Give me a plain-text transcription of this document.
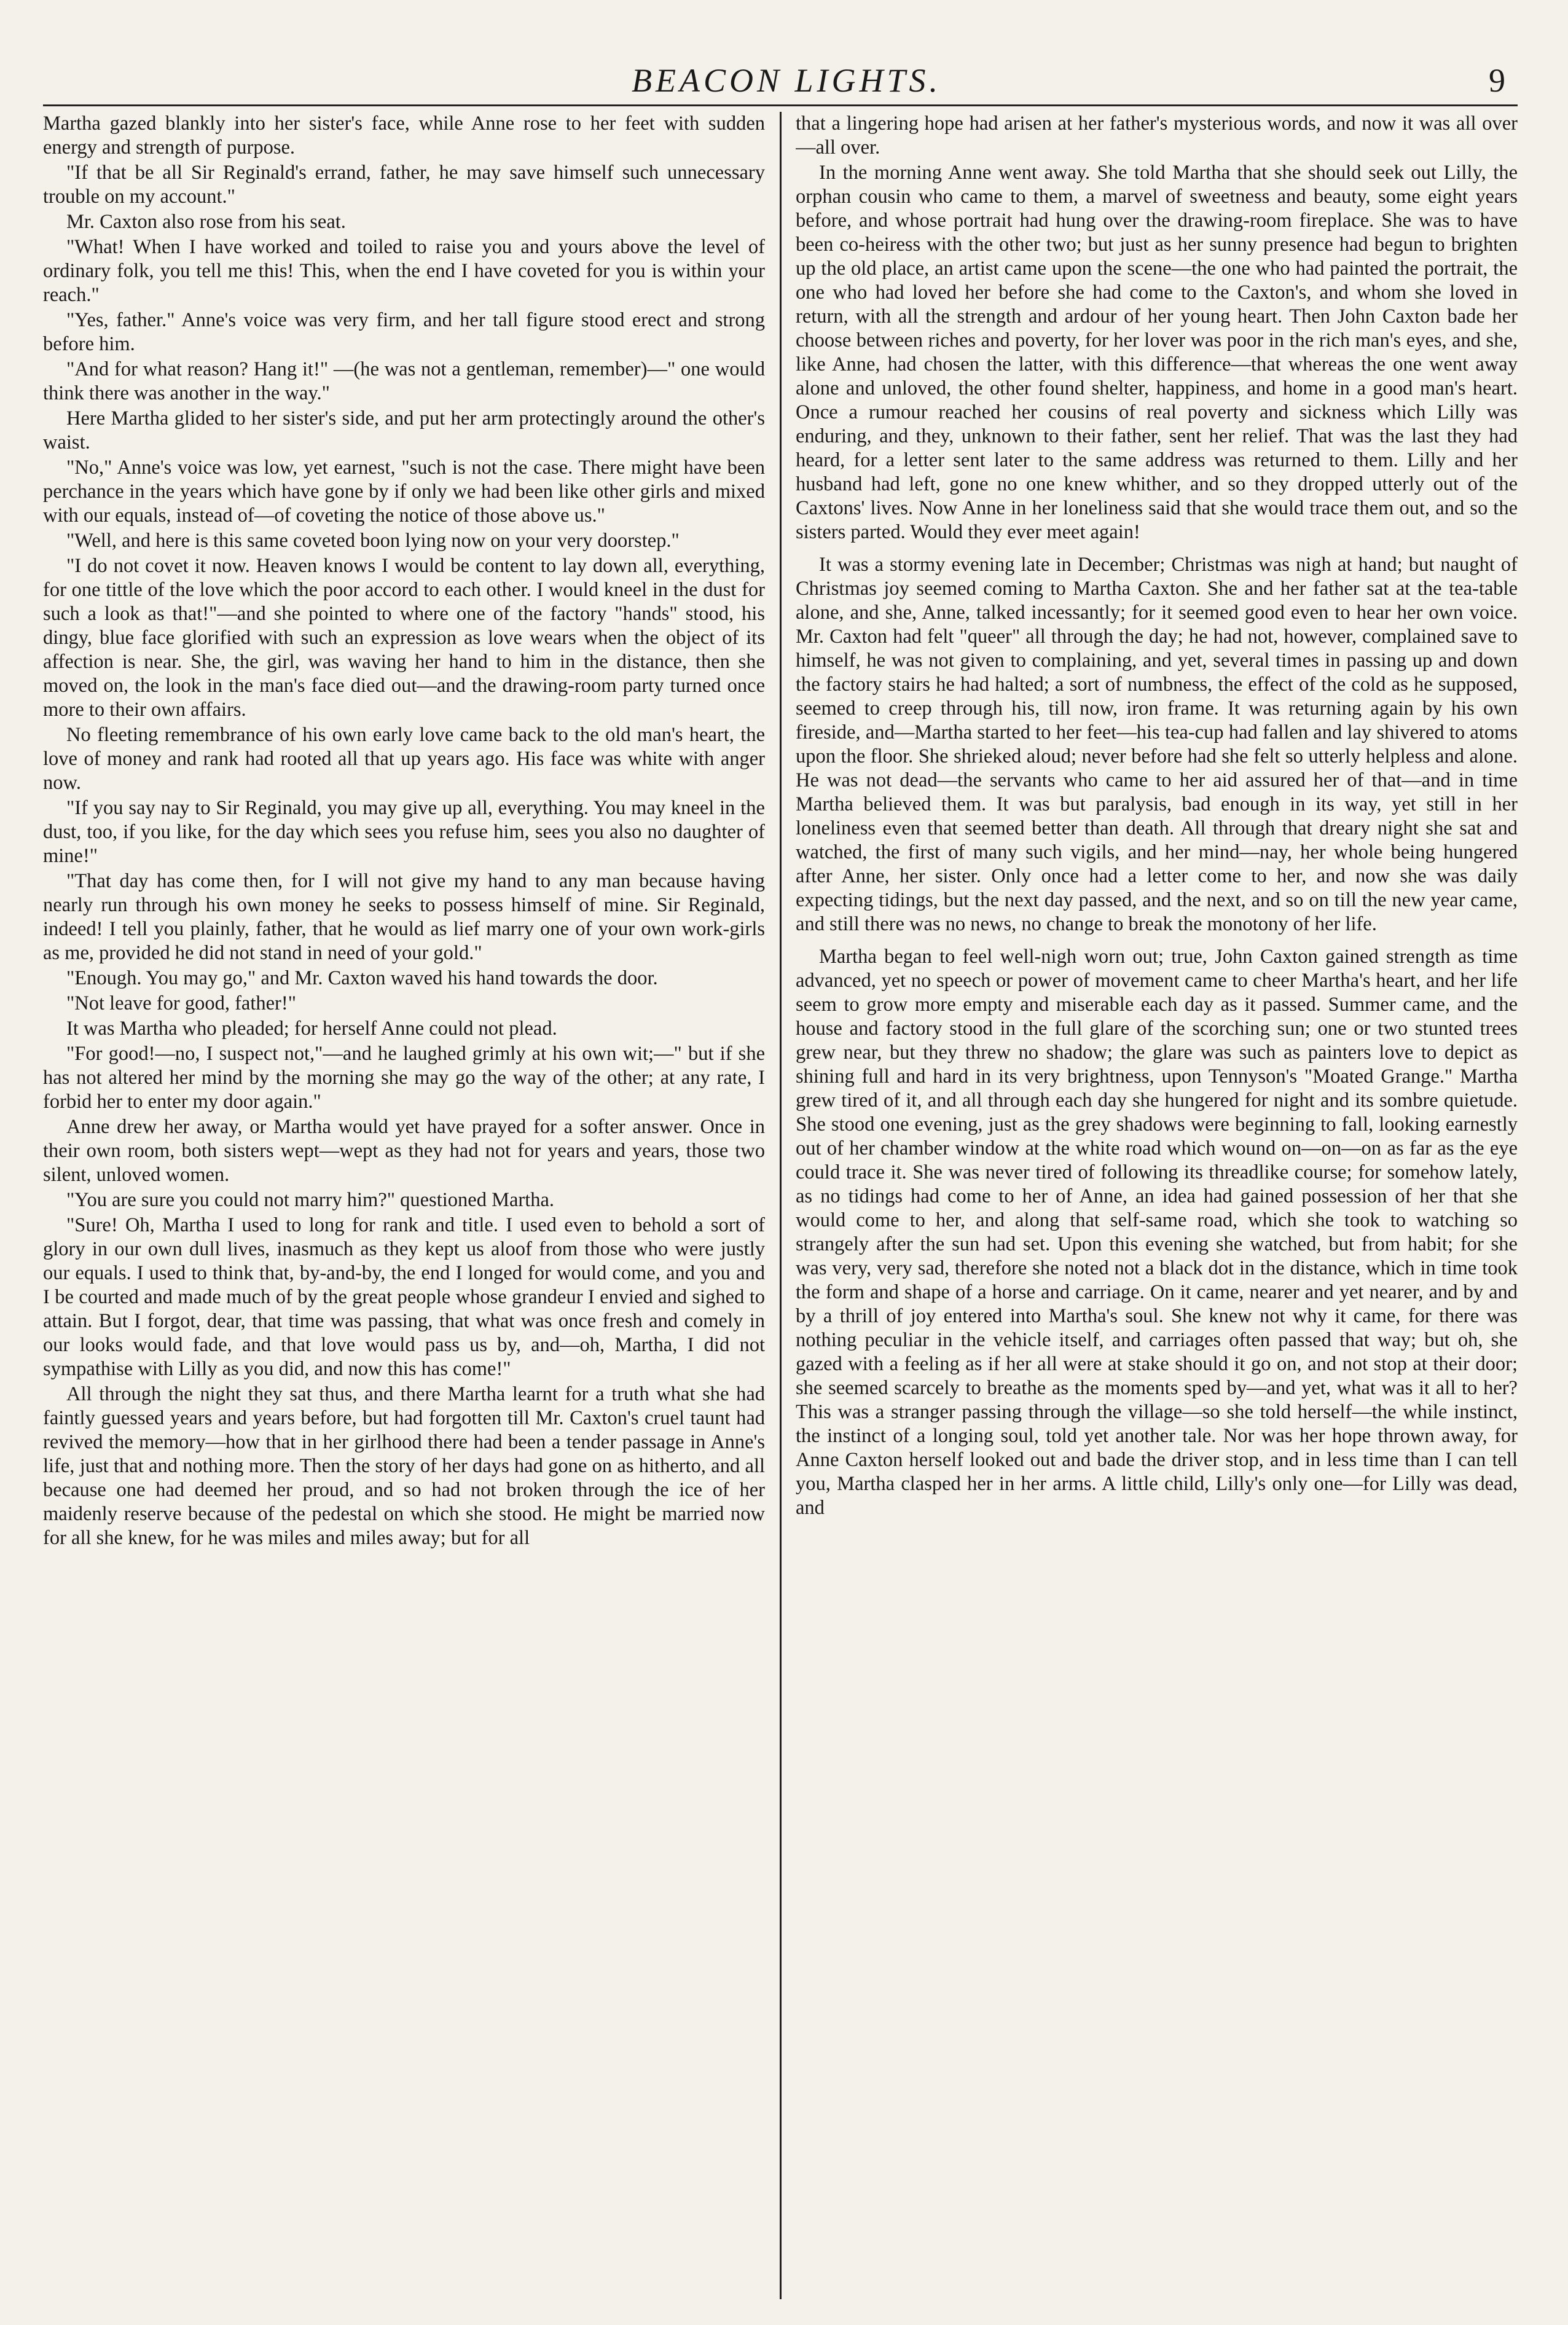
BEACON LIGHTS.	9

Martha gazed blankly into her sister's face, while Anne rose to her feet with sudden energy and strength of purpose.

"If that be all Sir Reginald's errand, father, he may save himself such unnecessary trouble on my account."

Mr. Caxton also rose from his seat.

"What! When I have worked and toiled to raise you and yours above the level of ordinary folk, you tell me this! This, when the end I have coveted for you is within your reach."

"Yes, father." Anne's voice was very firm, and her tall figure stood erect and strong before him.

"And for what reason? Hang it!" —(he was not a gentleman, remember)—" one would think there was another in the way."

Here Martha glided to her sister's side, and put her arm protectingly around the other's waist.

"No," Anne's voice was low, yet earnest, "such is not the case. There might have been perchance in the years which have gone by if only we had been like other girls and mixed with our equals, instead of—of coveting the notice of those above us."

"Well, and here is this same coveted boon lying now on your very doorstep."

"I do not covet it now. Heaven knows I would be content to lay down all, everything, for one tittle of the love which the poor accord to each other. I would kneel in the dust for such a look as that!"—and she pointed to where one of the factory "hands" stood, his dingy, blue face glorified with such an expression as love wears when the object of its affection is near. She, the girl, was waving her hand to him in the distance, then she moved on, the look in the man's face died out—and the drawing-room party turned once more to their own affairs.

No fleeting remembrance of his own early love came back to the old man's heart, the love of money and rank had rooted all that up years ago. His face was white with anger now.

"If you say nay to Sir Reginald, you may give up all, everything. You may kneel in the dust, too, if you like, for the day which sees you refuse him, sees you also no daughter of mine!"

"That day has come then, for I will not give my hand to any man because having nearly run through his own money he seeks to possess himself of mine. Sir Reginald, indeed! I tell you plainly, father, that he would as lief marry one of your own work-girls as me, provided he did not stand in need of your gold."

"Enough. You may go," and Mr. Caxton waved his hand towards the door.

"Not leave for good, father!"

It was Martha who pleaded; for herself Anne could not plead.

"For good!—no, I suspect not,"—and he laughed grimly at his own wit;—" but if she has not altered her mind by the morning she may go the way of the other; at any rate, I forbid her to enter my door again."

Anne drew her away, or Martha would yet have prayed for a softer answer. Once in their own room, both sisters wept—wept as they had not for years and years, those two silent, unloved women.

"You are sure you could not marry him?" questioned Martha.

"Sure! Oh, Martha I used to long for rank and title. I used even to behold a sort of glory in our own dull lives, inasmuch as they kept us aloof from those who were justly our equals. I used to think that, by-and-by, the end I longed for would come, and you and I be courted and made much of by the great people whose grandeur I envied and sighed to attain. But I forgot, dear, that time was passing, that what was once fresh and comely in our looks would fade, and that love would pass us by, and—oh, Martha, I did not sympathise with Lilly as you did, and now this has come!"

All through the night they sat thus, and there Martha learnt for a truth what she had faintly guessed years and years before, but had forgotten till Mr. Caxton's cruel taunt had revived the memory—how that in her girlhood there had been a tender passage in Anne's life, just that and nothing more. Then the story of her days had gone on as hitherto, and all because one had deemed her proud, and so had not broken through the ice of her maidenly reserve because of the pedestal on which she stood. He might be married now for all she knew, for he was miles and miles away; but for all

that a lingering hope had arisen at her father's mysterious words, and now it was all over—all over.

In the morning Anne went away. She told Martha that she should seek out Lilly, the orphan cousin who came to them, a marvel of sweetness and beauty, some eight years before, and whose portrait had hung over the drawing-room fireplace. She was to have been co-heiress with the other two; but just as her sunny presence had begun to brighten up the old place, an artist came upon the scene—the one who had painted the portrait, the one who had loved her before she had come to the Caxton's, and whom she loved in return, with all the strength and ardour of her young heart. Then John Caxton bade her choose between riches and poverty, for her lover was poor in the rich man's eyes, and she, like Anne, had chosen the latter, with this difference—that whereas the one went away alone and unloved, the other found shelter, happiness, and home in a good man's heart. Once a rumour reached her cousins of real poverty and sickness which Lilly was enduring, and they, unknown to their father, sent her relief. That was the last they had heard, for a letter sent later to the same address was returned to them. Lilly and her husband had left, gone no one knew whither, and so they dropped utterly out of the Caxtons' lives. Now Anne in her loneliness said that she would trace them out, and so the sisters parted. Would they ever meet again!

It was a stormy evening late in December; Christmas was nigh at hand; but naught of Christmas joy seemed coming to Martha Caxton. She and her father sat at the tea-table alone, and she, Anne, talked incessantly; for it seemed good even to hear her own voice. Mr. Caxton had felt "queer" all through the day; he had not, however, complained save to himself, he was not given to complaining, and yet, several times in passing up and down the factory stairs he had halted; a sort of numbness, the effect of the cold as he supposed, seemed to creep through his, till now, iron frame. It was returning again by his own fireside, and—Martha started to her feet—his tea-cup had fallen and lay shivered to atoms upon the floor. She shrieked aloud; never before had she felt so utterly helpless and alone. He was not dead—the servants who came to her aid assured her of that—and in time Martha believed them. It was but paralysis, bad enough in its way, yet still in her loneliness even that seemed better than death. All through that dreary night she sat and watched, the first of many such vigils, and her mind—nay, her whole being hungered after Anne, her sister. Only once had a letter come to her, and now she was daily expecting tidings, but the next day passed, and the next, and so on till the new year came, and still there was no news, no change to break the monotony of her life.

Martha began to feel well-nigh worn out; true, John Caxton gained strength as time advanced, yet no speech or power of movement came to cheer Martha's heart, and her life seem to grow more empty and miserable each day as it passed. Summer came, and the house and factory stood in the full glare of the scorching sun; one or two stunted trees grew near, but they threw no shadow; the glare was such as painters love to depict as shining full and hard in its very brightness, upon Tennyson's "Moated Grange." Martha grew tired of it, and all through each day she hungered for night and its sombre quietude. She stood one evening, just as the grey shadows were beginning to fall, looking earnestly out of her chamber window at the white road which wound on—on—on as far as the eye could trace it. She was never tired of following its threadlike course; for somehow lately, as no tidings had come to her of Anne, an idea had gained possession of her that she would come to her, and along that self-same road, which she took to watching so strangely after the sun had set. Upon this evening she watched, but from habit; for she was very, very sad, therefore she noted not a black dot in the distance, which in time took the form and shape of a horse and carriage. On it came, nearer and yet nearer, and by and by a thrill of joy entered into Martha's soul. She knew not why it came, for there was nothing peculiar in the vehicle itself, and carriages often passed that way; but oh, she gazed with a feeling as if her all were at stake should it go on, and not stop at their door; she seemed scarcely to breathe as the moments sped by—and yet, what was it all to her? This was a stranger passing through the village—so she told herself—the while instinct, the instinct of a longing soul, told yet another tale. Nor was her hope thrown away, for Anne Caxton herself looked out and bade the driver stop, and in less time than I can tell you, Martha clasped her in her arms. A little child, Lilly's only one—for Lilly was dead, and
